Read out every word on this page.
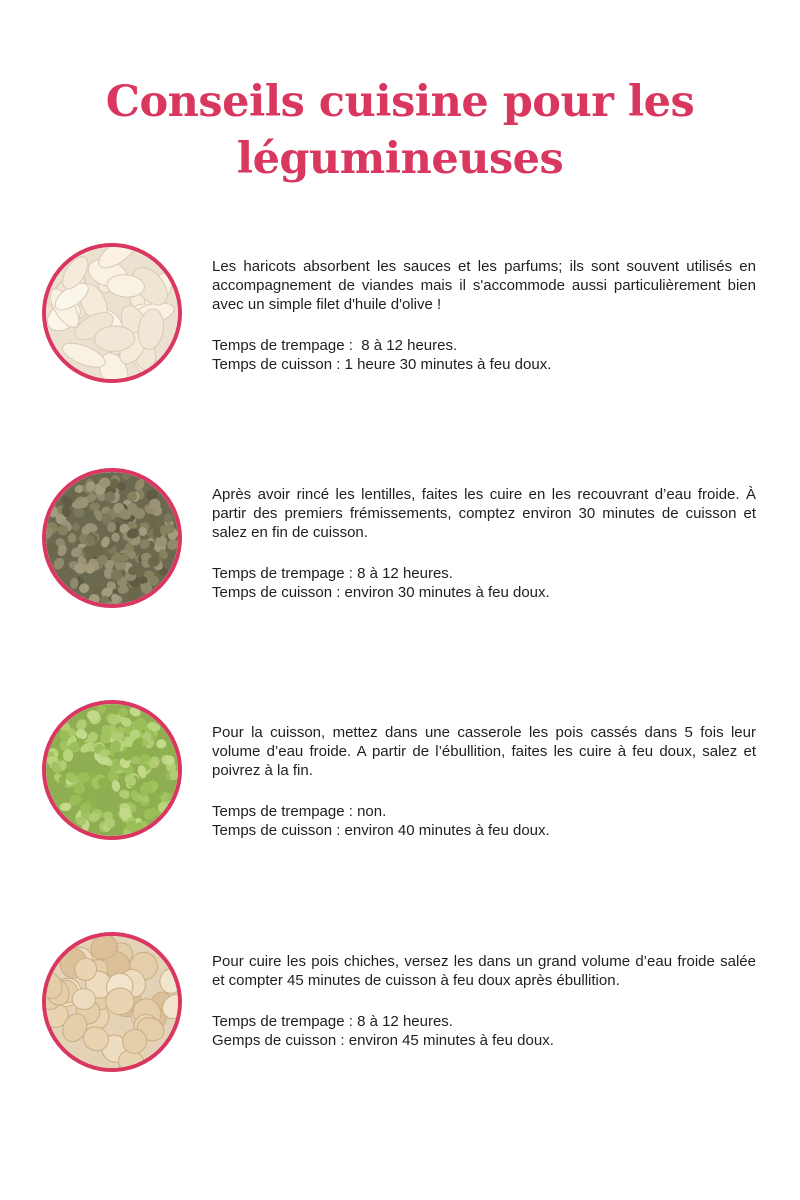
Conseils cuisine pour les
légumineuses

Les haricots absorbent les sauces et les parfums; ils sont souvent utilisés en accompagnement de viandes mais il s'accommode aussi particulièrement bien avec un simple filet d'huile d'olive !

Temps de trempage :  8 à 12 heures.
Temps de cuisson : 1 heure 30 minutes à feu doux.

Après avoir rincé les lentilles, faites les cuire en les recouvrant d’eau froide. À partir des premiers frémissements, comptez environ 30 minutes de cuisson et salez en fin de cuisson.

Temps de trempage : 8 à 12 heures.
Temps de cuisson : environ 30 minutes à feu doux.

Pour la cuisson, mettez dans une casserole les pois cassés dans 5 fois leur volume d’eau froide. A partir de l’ébullition, faites les cuire à feu doux, salez et poivrez à la fin.

Temps de trempage : non.
Temps de cuisson : environ 40 minutes à feu doux.

Pour cuire les pois chiches, versez les dans un grand volume d’eau froide salée et compter 45 minutes de cuisson à feu doux après ébullition.

Temps de trempage : 8 à 12 heures.
Gemps de cuisson : environ 45 minutes à feu doux.
